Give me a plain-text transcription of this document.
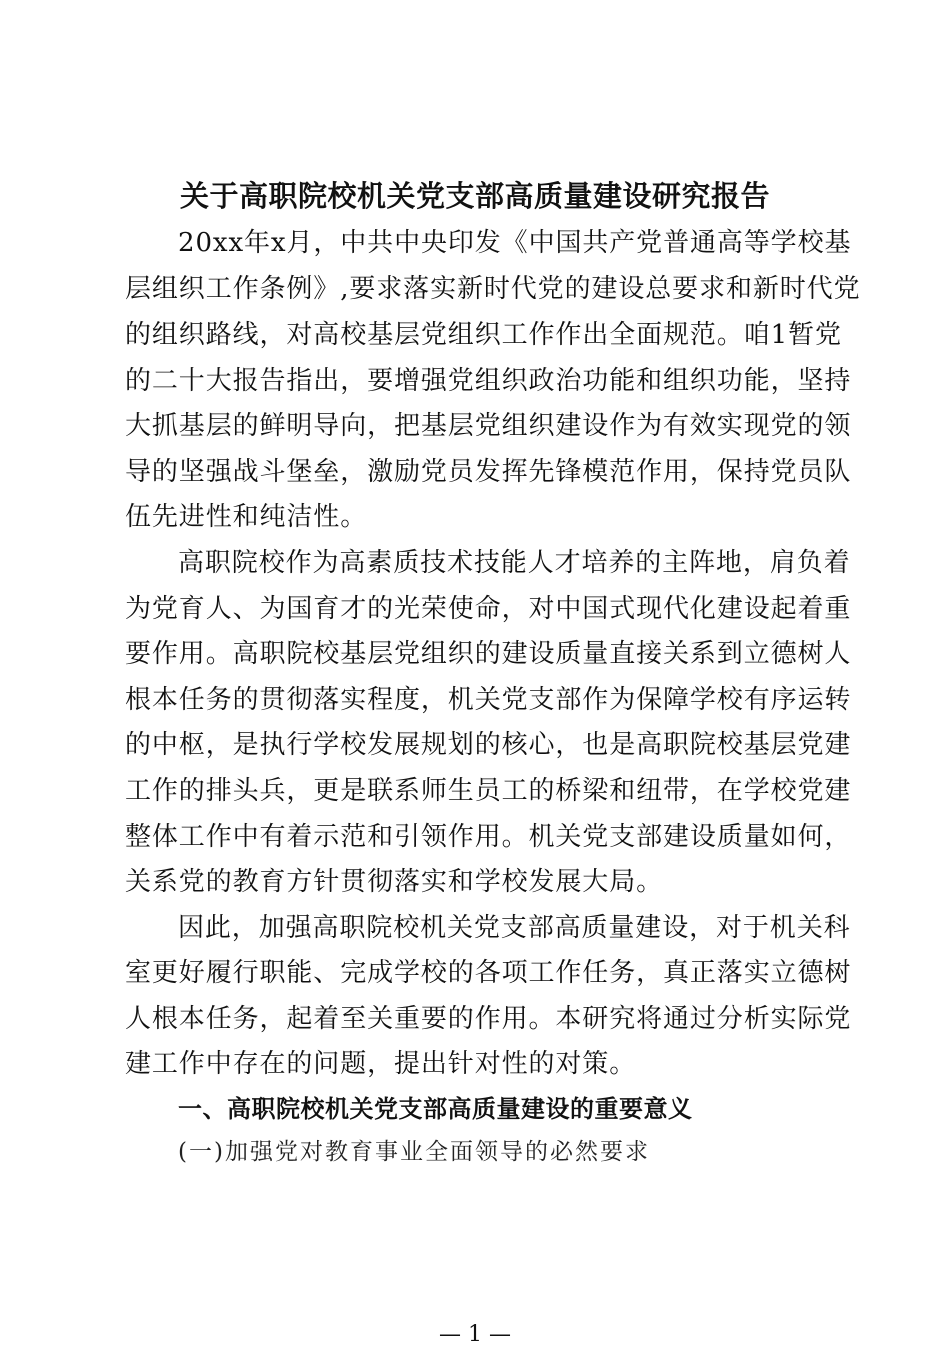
关于高职院校机关党支部高质量建设研究报告
20xx年x月，中共中央印发《中国共产党普通高等学校基
层组织工作条例》,要求落实新时代党的建设总要求和新时代党
的组织路线，对高校基层党组织工作作出全面规范。咱1暂党
的二十大报告指出，要增强党组织政治功能和组织功能，坚持
大抓基层的鲜明导向，把基层党组织建设作为有效实现党的领
导的坚强战斗堡垒，激励党员发挥先锋模范作用，保持党员队
伍先进性和纯洁性。
高职院校作为高素质技术技能人才培养的主阵地，肩负着
为党育人、为国育才的光荣使命，对中国式现代化建设起着重
要作用。高职院校基层党组织的建设质量直接关系到立德树人
根本任务的贯彻落实程度，机关党支部作为保障学校有序运转
的中枢，是执行学校发展规划的核心，也是高职院校基层党建
工作的排头兵，更是联系师生员工的桥梁和纽带，在学校党建
整体工作中有着示范和引领作用。机关党支部建设质量如何，
关系党的教育方针贯彻落实和学校发展大局。
因此，加强高职院校机关党支部高质量建设，对于机关科
室更好履行职能、完成学校的各项工作任务，真正落实立德树
人根本任务，起着至关重要的作用。本研究将通过分析实际党
建工作中存在的问题，提出针对性的对策。
一、高职院校机关党支部高质量建设的重要意义
(一)加强党对教育事业全面领导的必然要求
— 1 —
